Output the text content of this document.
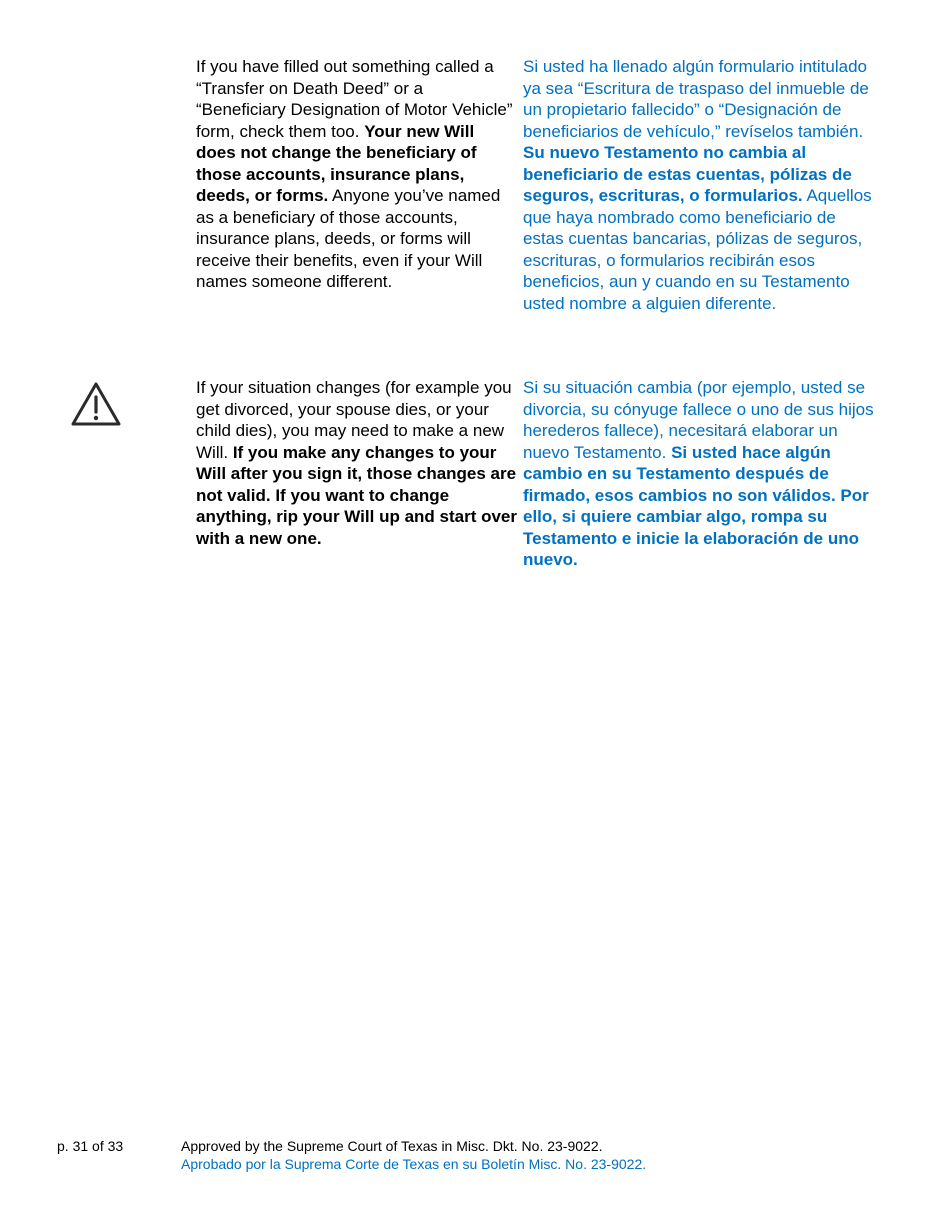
If you have filled out something called a “Transfer on Death Deed” or a “Beneficiary Designation of Motor Vehicle” form, check them too. Your new Will does not change the beneficiary of those accounts, insurance plans, deeds, or forms. Anyone you’ve named as a beneficiary of those accounts, insurance plans, deeds, or forms will receive their benefits, even if your Will names someone different.

Si usted ha llenado algún formulario intitulado ya sea “Escritura de traspaso del inmueble de un propietario fallecido” o “Designación de beneficiarios de vehículo,” revíselos también. Su nuevo Testamento no cambia al beneficiario de estas cuentas, pólizas de seguros, escrituras, o formularios. Aquellos que haya nombrado como beneficiario de estas cuentas bancarias, pólizas de seguros, escrituras, o formularios recibirán esos beneficios, aun y cuando en su Testamento usted nombre a alguien diferente.

If your situation changes (for example you get divorced, your spouse dies, or your child dies), you may need to make a new Will. If you make any changes to your Will after you sign it, those changes are not valid. If you want to change anything, rip your Will up and start over with a new one.

Si su situación cambia (por ejemplo, usted se divorcia, su cónyuge fallece o uno de sus hijos herederos fallece), necesitará elaborar un nuevo Testamento. Si usted hace algún cambio en su Testamento después de firmado, esos cambios no son válidos. Por ello, si quiere cambiar algo, rompa su Testamento e inicie la elaboración de uno nuevo.

p. 31 of 33	Approved by the Supreme Court of Texas in Misc. Dkt. No. 23-9022.
Aprobado por la Suprema Corte de Texas en su Boletín Misc. No. 23-9022.
